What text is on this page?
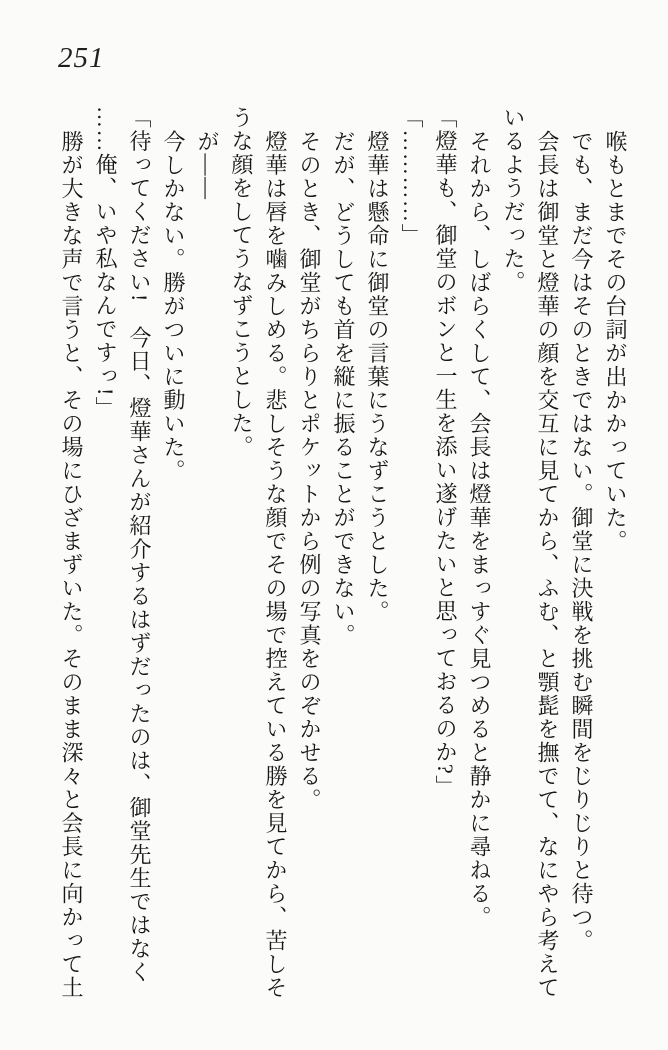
251
喉もとまでその台詞が出かかっていた。
でも、まだ今はそのときではない。御堂に決戦を挑む瞬間をじりじりと待つ。
会長は御堂と燈華の顔を交互に見てから、ふむ、と顎髭を撫でて、なにやら考えて
いるようだった。
それから、しばらくして、会長は燈華をまっすぐ見つめると静かに尋ねる。
「燈華も、御堂のボンと一生を添い遂げたいと思っておるのか?」
「…………」
燈華は懸命に御堂の言葉にうなずこうとした。
だが、どうしても首を縦に振ることができない。
そのとき、御堂がちらりとポケットから例の写真をのぞかせる。
燈華は唇を噛みしめる。悲しそうな顔でその場で控えている勝を見てから、苦しそ
うな顔をしてうなずこうとした。
が――
今しかない。勝がついに動いた。
「待ってください!　今日、燈華さんが紹介するはずだったのは、御堂先生ではなく
……俺、いや私なんですっ!」
勝が大きな声で言うと、その場にひざまずいた。そのまま深々と会長に向かって土
